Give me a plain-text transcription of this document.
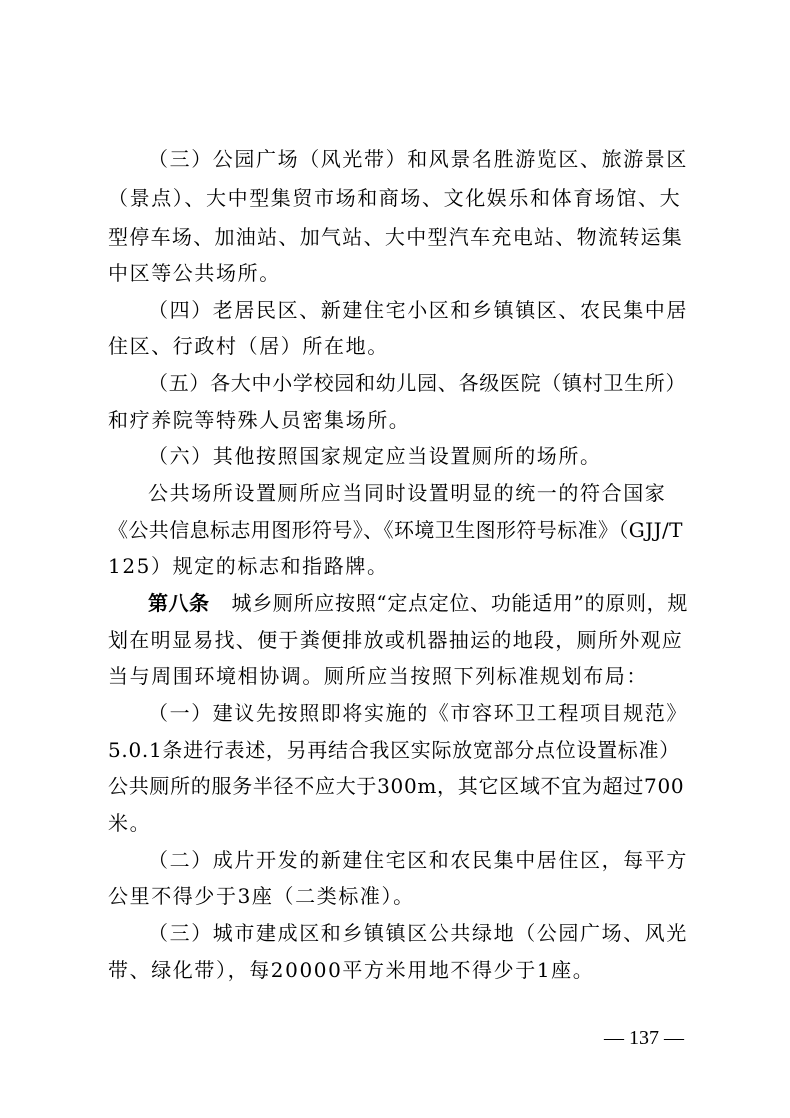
（三）公园广场（风光带）和风景名胜游览区、旅游景区
（景点）、大中型集贸市场和商场、文化娱乐和体育场馆、大
型停车场、加油站、加气站、大中型汽车充电站、物流转运集
中区等公共场所。
（四）老居民区、新建住宅小区和乡镇镇区、农民集中居
住区、行政村（居）所在地。
（五）各大中小学校园和幼儿园、各级医院（镇村卫生所）
和疗养院等特殊人员密集场所。
（六）其他按照国家规定应当设置厕所的场所。
公共场所设置厕所应当同时设置明显的统一的符合国家
《公共信息标志用图形符号》、《环境卫生图形符号标准》（GJJ/T
125）规定的标志和指路牌。
第八条 城乡厕所应按照“定点定位、功能适用”的原则，规
划在明显易找、便于粪便排放或机器抽运的地段，厕所外观应
当与周围环境相协调。厕所应当按照下列标准规划布局：
（一）建议先按照即将实施的《市容环卫工程项目规范》
5.0.1条进行表述，另再结合我区实际放宽部分点位设置标准）
公共厕所的服务半径不应大于300m，其它区域不宜为超过700
米。
（二）成片开发的新建住宅区和农民集中居住区，每平方
公里不得少于3座（二类标准）。
（三）城市建成区和乡镇镇区公共绿地（公园广场、风光
带、绿化带），每20000平方米用地不得少于1座。
— 137 —
